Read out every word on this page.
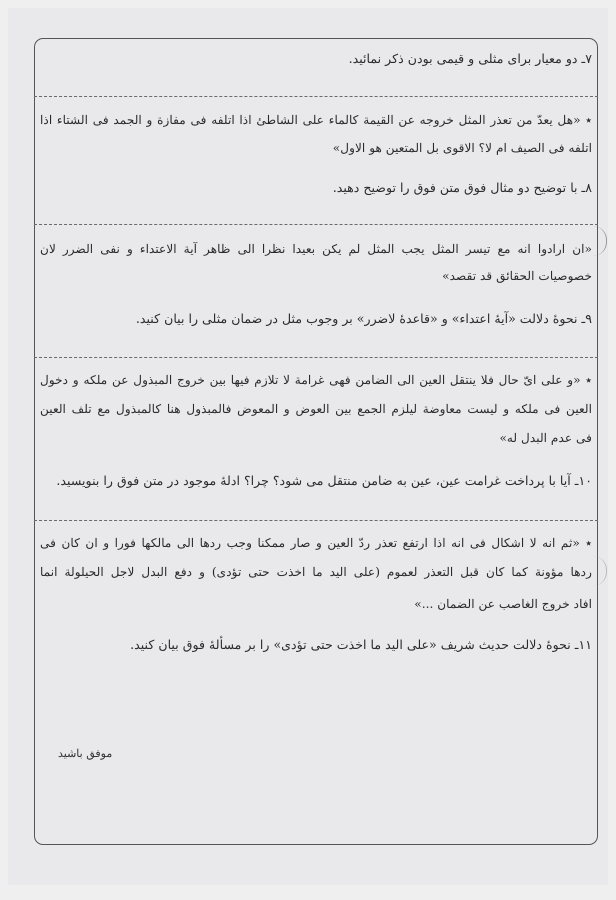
۷ـ دو معیار برای مثلی و قیمی بودن ذکر نمائید.
٭ «هل يعدّ من تعذر المثل خروجه عن القيمة كالماء على الشاطئ اذا اتلفه فى مفازة و الجمد فى الشتاء اذا
اتلفه فى الصيف ام لا؟ الاقوى بل المتعين هو الاول»
۸ـ با توضیح دو مثال فوق متن فوق را توضیح دهید.
«ان ارادوا انه مع تيسر المثل يجب المثل لم يكن بعيدا نظرا الى ظاهر آية الاعتداء و نفى الضرر لان
خصوصيات الحقائق قد تقصد»
۹ـ نحوهٔ دلالت «آیهٔ اعتداء» و «قاعدهٔ لاضرر» بر وجوب مثل در ضمان مثلی را بیان کنید.
٭ «و على ایّ حال فلا ينتقل العين الى الضامن فهى غرامة لا تلازم فيها بين خروج المبذول عن ملكه و دخول
العين فى ملكه و ليست معاوضة ليلزم الجمع بين العوض و المعوض فالمبذول هنا كالمبذول مع تلف العين
فى عدم البدل له»
۱۰ـ آیا با پرداخت غرامت عین، عین به ضامن منتقل می شود؟ چرا؟ ادلهٔ موجود در متن فوق را بنویسید.
٭ «ثم انه لا اشكال فى انه اذا ارتفع تعذر ردّ العين و صار ممكنا وجب ردها الى مالكها فورا و ان كان فى
ردها مؤونة كما كان قبل التعذر لعموم (على اليد ما اخذت حتى تؤدى) و دفع البدل لاجل الحيلولة انما
افاد خروج الغاصب عن الضمان ...»
۱۱ـ نحوهٔ دلالت حدیث شریف «علی الید ما اخذت حتی تؤدی» را بر مسألهٔ فوق بیان کنید.
موفق باشید
